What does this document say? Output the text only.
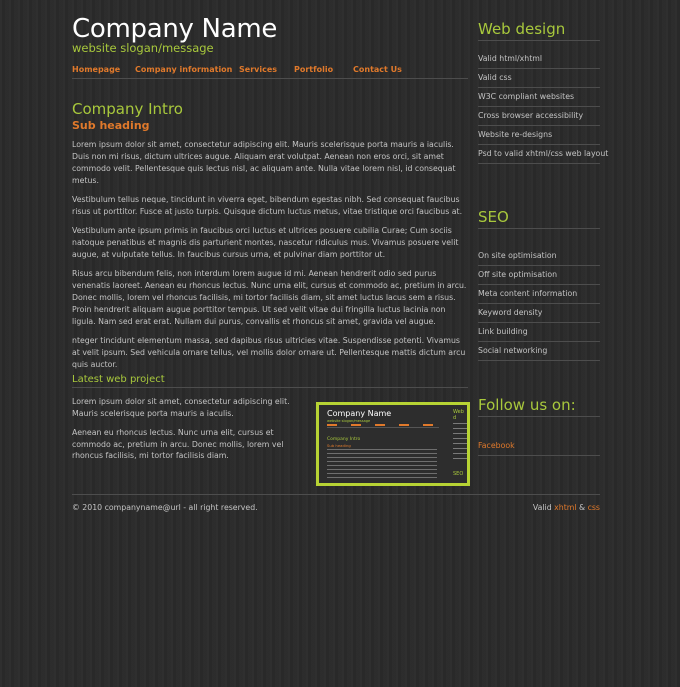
Company Name
website slogan/message
Homepage Company information Services Portfolio Contact Us
Company Intro
Sub heading

Lorem ipsum dolor sit amet, consectetur adipiscing elit. Mauris scelerisque porta mauris a iaculis. Duis non mi risus, dictum ultrices augue. Aliquam erat volutpat. Aenean non eros orci, sit amet commodo velit. Pellentesque quis lectus nisl, ac aliquam ante. Nulla vitae lorem nisl, id consequat metus.

Vestibulum tellus neque, tincidunt in viverra eget, bibendum egestas nibh. Sed consequat faucibus risus ut porttitor. Fusce at justo turpis. Quisque dictum luctus metus, vitae tristique orci faucibus at.

Vestibulum ante ipsum primis in faucibus orci luctus et ultrices posuere cubilia Curae; Cum sociis natoque penatibus et magnis dis parturient montes, nascetur ridiculus mus. Vivamus posuere velit augue, at vulputate tellus. In faucibus cursus urna, et pulvinar diam porttitor ut.

Risus arcu bibendum felis, non interdum lorem augue id mi. Aenean hendrerit odio sed purus venenatis laoreet. Aenean eu rhoncus lectus. Nunc urna elit, cursus et commodo ac, pretium in arcu. Donec mollis, lorem vel rhoncus facilisis, mi tortor facilisis diam, sit amet luctus lacus sem a risus. Proin hendrerit aliquam augue porttitor tempus. Ut sed velit vitae dui fringilla luctus lacinia non ligula. Nam sed erat erat. Nullam dui purus, convallis et rhoncus sit amet, gravida vel augue.

nteger tincidunt elementum massa, sed dapibus risus ultricies vitae. Suspendisse potenti. Vivamus at velit ipsum. Sed vehicula ornare tellus, vel mollis dolor ornare ut. Pellentesque mattis dictum arcu quis auctor.

Latest web project

Lorem ipsum dolor sit amet, consectetur adipiscing elit. Mauris scelerisque porta mauris a iaculis.

Aenean eu rhoncus lectus. Nunc urna elit, cursus et commodo ac, pretium in arcu. Donec mollis, lorem vel rhoncus facilisis, mi tortor facilisis diam.

Company Name
website slogan/message
Company Intro
Sub heading
Web d
SEO
Web design
Valid html/xhtml
Valid css
W3C compliant websites
Cross browser accessibility
Website re-designs
Psd to valid xhtml/css web layout
SEO
On site optimisation
Off site optimisation
Meta content information
Keyword density
Link building
Social networking
Follow us on:
Facebook
© 2010 companyname@url - all right reserved.	Valid xhtml & css
